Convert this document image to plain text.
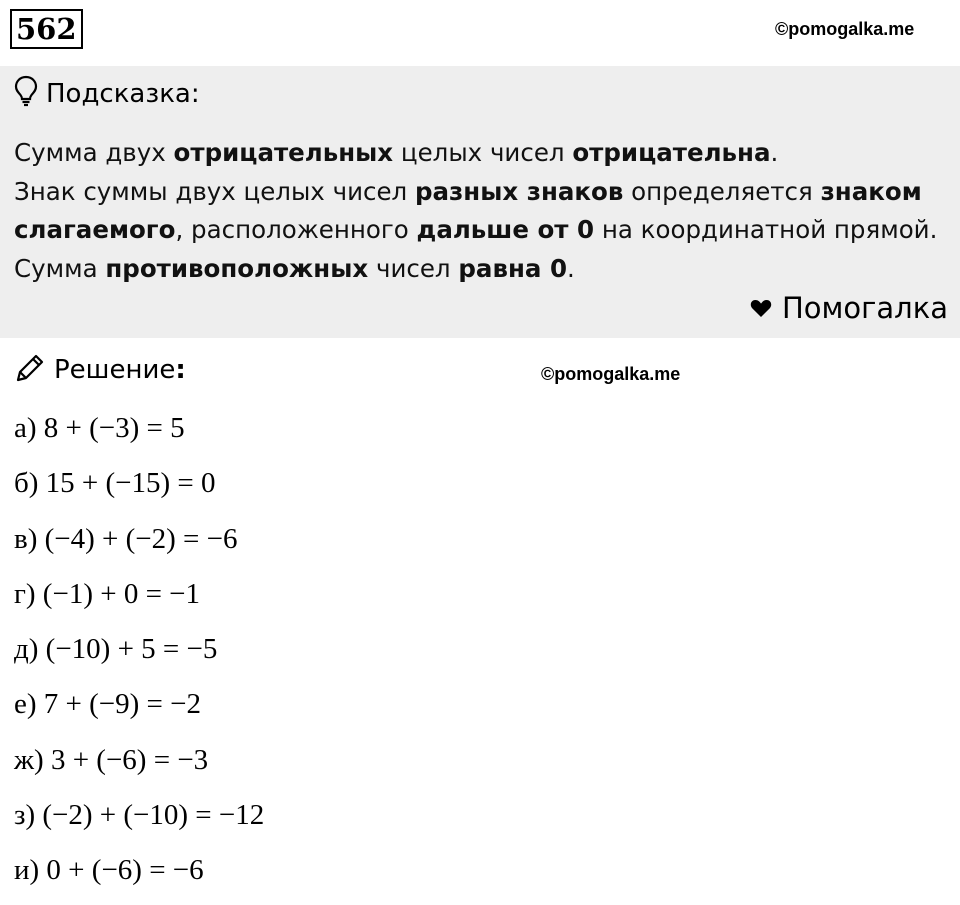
562	©pomogalka.me
Подсказка:
Сумма двух отрицательных целых чисел отрицательна.
Знак суммы двух целых чисел разных знаков определяется знаком слагаемого, расположенного дальше от 0 на координатной прямой.
Сумма противоположных чисел равна 0.
Помогалка
Решение:	©pomogalka.me
а) 8 + (−3) = 5
б) 15 + (−15) = 0
в) (−4) + (−2) = −6
г) (−1) + 0 = −1
д) (−10) + 5 = −5
е) 7 + (−9) = −2
ж) 3 + (−6) = −3
з) (−2) + (−10) = −12
и) 0 + (−6) = −6
